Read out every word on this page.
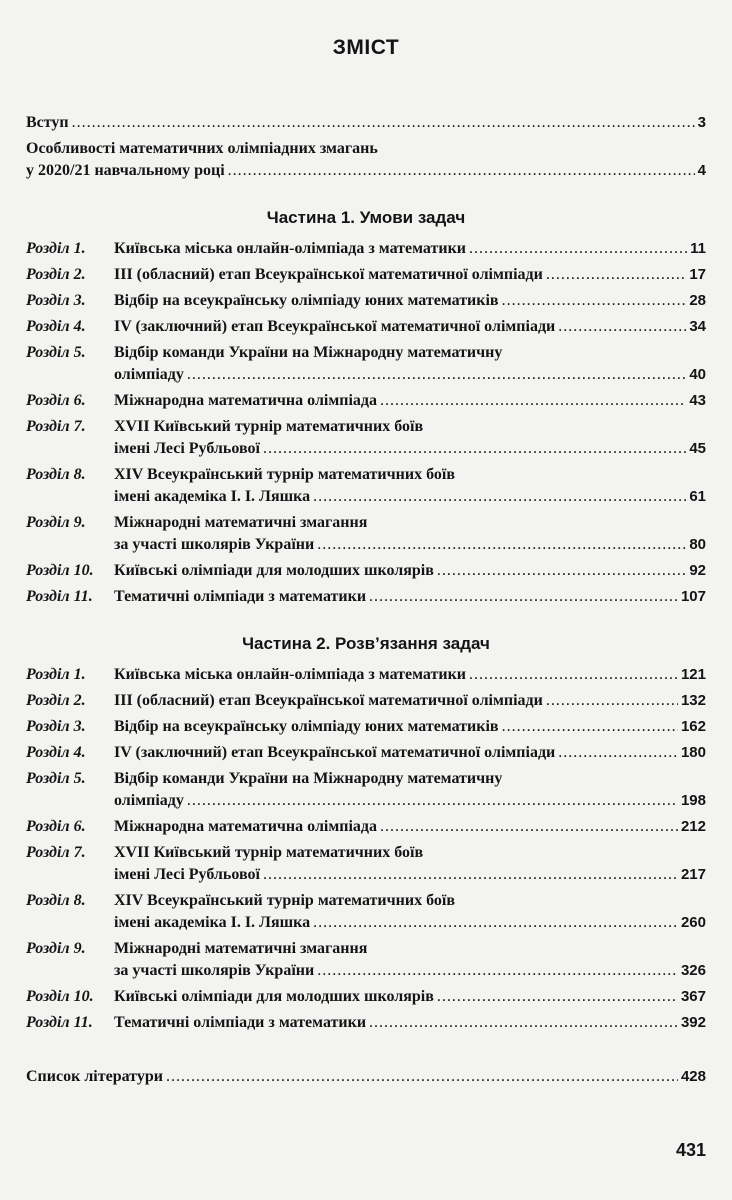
ЗМІСТ
Вступ .....	3
Особливості математичних олімпіадних змагань
у 2020/21 навчальному році .....	4
Частина 1. Умови задач
Розділ 1. Київська міська онлайн-олімпіада з математики .....	11
Розділ 2. ІІІ (обласний) етап Всеукраїнської математичної олімпіади .....	17
Розділ 3. Відбір на всеукраїнську олімпіаду юних математиків .....	28
Розділ 4. IV (заключний) етап Всеукраїнської математичної олімпіади .....	34
Розділ 5. Відбір команди України на Міжнародну математичну
олімпіаду .....	40
Розділ 6. Міжнародна математична олімпіада .....	43
Розділ 7. XVII Київський турнір математичних боїв
імені Лесі Рубльової .....	45
Розділ 8. XIV Всеукраїнський турнір математичних боїв
імені академіка І. І. Ляшка .....	61
Розділ 9. Міжнародні математичні змагання
за участі школярів України .....	80
Розділ 10. Київські олімпіади для молодших школярів .....	92
Розділ 11. Тематичні олімпіади з математики .....	107
Частина 2. Розв’язання задач
Розділ 1. Київська міська онлайн-олімпіада з математики .....	121
Розділ 2. ІІІ (обласний) етап Всеукраїнської математичної олімпіади .....	132
Розділ 3. Відбір на всеукраїнську олімпіаду юних математиків .....	162
Розділ 4. IV (заключний) етап Всеукраїнської математичної олімпіади .....	180
Розділ 5. Відбір команди України на Міжнародну математичну
олімпіаду .....	198
Розділ 6. Міжнародна математична олімпіада .....	212
Розділ 7. XVII Київський турнір математичних боїв
імені Лесі Рубльової .....	217
Розділ 8. XIV Всеукраїнський турнір математичних боїв
імені академіка І. І. Ляшка .....	260
Розділ 9. Міжнародні математичні змагання
за участі школярів України .....	326
Розділ 10. Київські олімпіади для молодших школярів .....	367
Розділ 11. Тематичні олімпіади з математики .....	392
Список літератури .....	428
431
